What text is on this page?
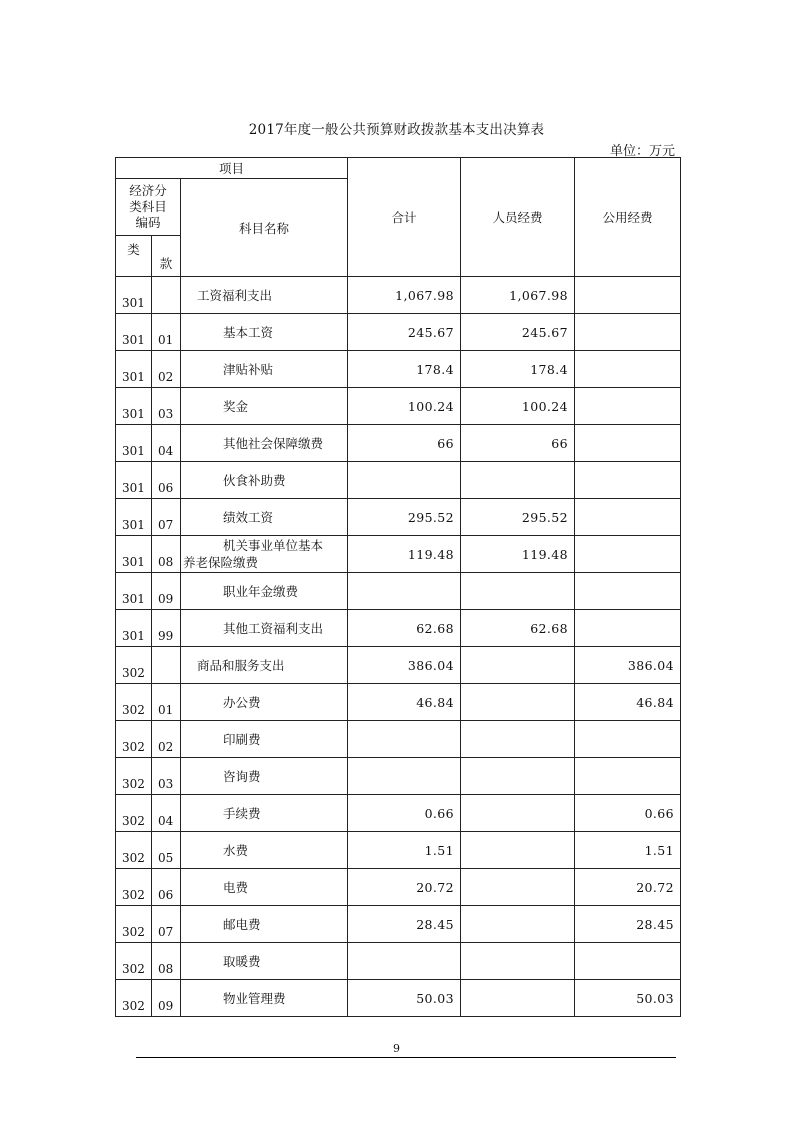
2017年度一般公共预算财政拨款基本支出决算表
单位：万元
项目			合计	人员经费	公用经费

经济分
类科目
编码		科目名称			
类	款				

301		工资福利支出	1,067.98	1,067.98	
301	01	基本工资	245.67	245.67	
301	02	津贴补贴	178.4	178.4	
301	03	奖金	100.24	100.24	
301	04	其他社会保障缴费	66	66	
301	06	伙食补助费			
301	07	绩效工资	295.52	295.52	
301	08	机关事业单位基本
养老保险缴费	119.48	119.48	
301	09	职业年金缴费			
301	99	其他工资福利支出	62.68	62.68	
302		商品和服务支出	386.04		386.04
302	01	办公费	46.84		46.84
302	02	印刷费			
302	03	咨询费			
302	04	手续费	0.66		0.66
302	05	水费	1.51		1.51
302	06	电费	20.72		20.72
302	07	邮电费	28.45		28.45
302	08	取暖费			
302	09	物业管理费	50.03		50.03
9
